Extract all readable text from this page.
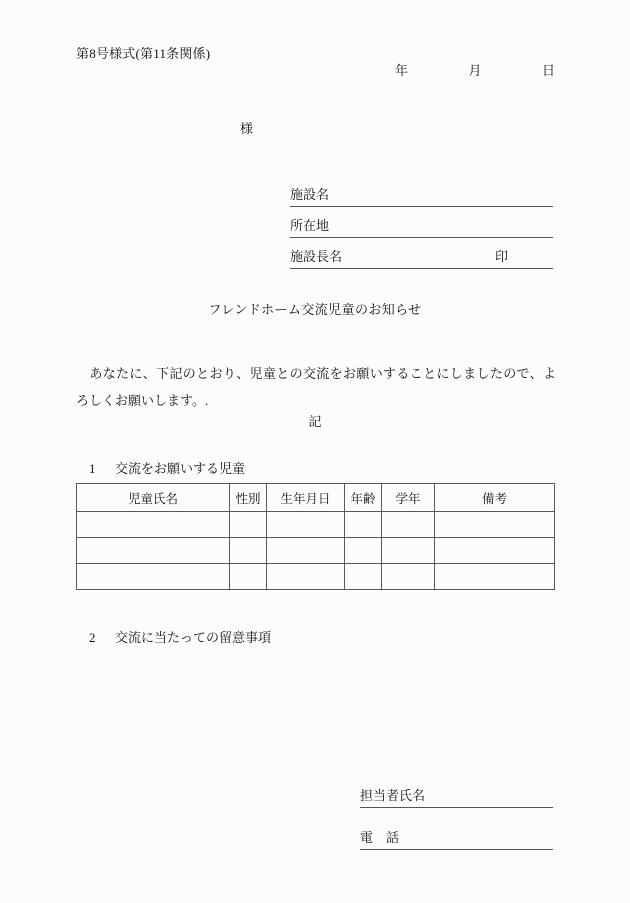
第8号様式(第11条関係)
年	月	日
様
施設名
所在地
施設長名	印
フレンドホーム交流児童のお知らせ
　あなたに、下記のとおり、児童との交流をお願いすることにしましたので、よろしくお願いします。.
記

1 交流をお願いする児童

児童氏名	性別	生年月日	年齢	学年	備考

2 交流に当たっての留意事項

担当者氏名
電　話
